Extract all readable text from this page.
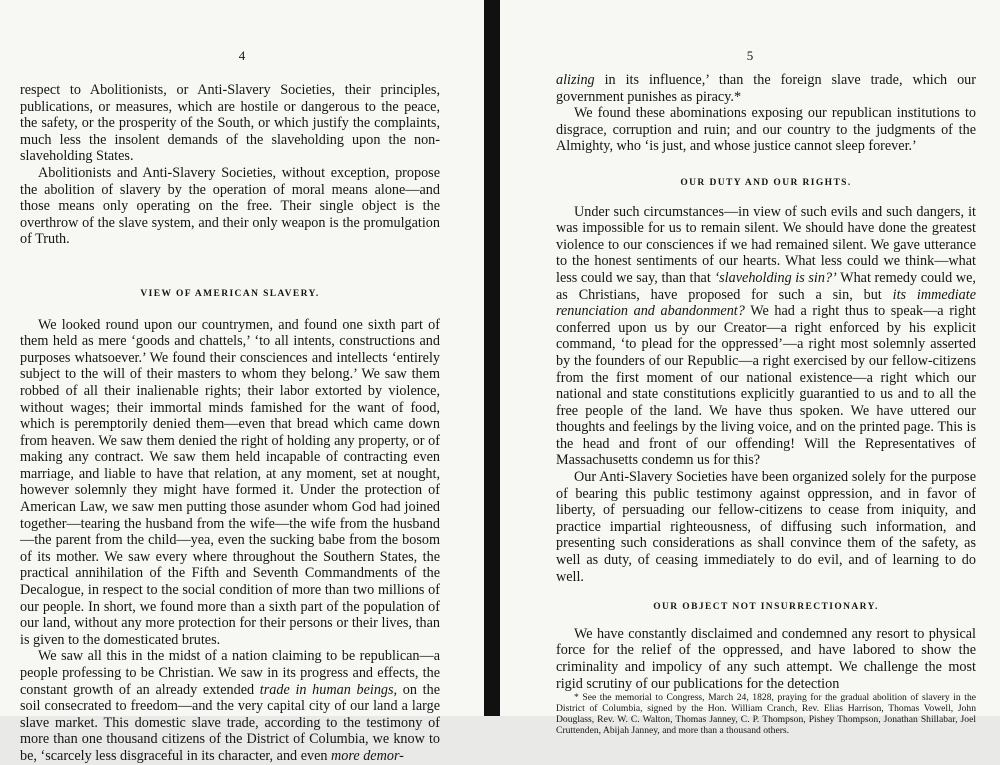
4

respect to Abolitionists, or Anti-Slavery Societies, their principles, publications, or measures, which are hostile or dangerous to the peace, the safety, or the prosperity of the South, or which justify the complaints, much less the insolent demands of the slaveholding upon the non-slaveholding States.

Abolitionists and Anti-Slavery Societies, without exception, propose the abolition of slavery by the operation of moral means alone—and those means only operating on the free. Their single object is the overthrow of the slave system, and their only weapon is the promulgation of Truth.

VIEW OF AMERICAN SLAVERY.

We looked round upon our countrymen, and found one sixth part of them held as mere ‘goods and chattels,’ ‘to all intents, constructions and purposes whatsoever.’ We found their consciences and intellects ‘entirely subject to the will of their masters to whom they belong.’ We saw them robbed of all their inalienable rights; their labor extorted by violence, without wages; their immortal minds famished for the want of food, which is peremptorily denied them—even that bread which came down from heaven. We saw them denied the right of holding any property, or of making any contract. We saw them held incapable of contracting even marriage, and liable to have that relation, at any moment, set at nought, however solemnly they might have formed it. Under the protection of American Law, we saw men putting those asunder whom God had joined together—tearing the husband from the wife—the wife from the husband—the parent from the child—yea, even the sucking babe from the bosom of its mother. We saw every where throughout the Southern States, the practical annihilation of the Fifth and Seventh Commandments of the Decalogue, in respect to the social condition of more than two millions of our people. In short, we found more than a sixth part of the population of our land, without any more protection for their persons or their lives, than is given to the domesticated brutes.

We saw all this in the midst of a nation claiming to be republican—a people professing to be Christian. We saw in its progress and effects, the constant growth of an already extended trade in human beings, on the soil consecrated to freedom—and the very capital city of our land a large slave market. This domestic slave trade, according to the testimony of more than one thousand citizens of the District of Columbia, we know to be, ‘scarcely less disgraceful in its character, and even more demor-

5

alizing in its influence,’ than the foreign slave trade, which our government punishes as piracy.*

We found these abominations exposing our republican institutions to disgrace, corruption and ruin; and our country to the judgments of the Almighty, who ‘is just, and whose justice cannot sleep forever.’

OUR DUTY AND OUR RIGHTS.

Under such circumstances—in view of such evils and such dangers, it was impossible for us to remain silent. We should have done the greatest violence to our consciences if we had remained silent. We gave utterance to the honest sentiments of our hearts. What less could we think—what less could we say, than that ‘slaveholding is sin?’ What remedy could we, as Christians, have proposed for such a sin, but its immediate renunciation and abandonment? We had a right thus to speak—a right conferred upon us by our Creator—a right enforced by his explicit command, ‘to plead for the oppressed’—a right most solemnly asserted by the founders of our Republic—a right exercised by our fellow-citizens from the first moment of our national existence—a right which our national and state constitutions explicitly guarantied to us and to all the free people of the land. We have thus spoken. We have uttered our thoughts and feelings by the living voice, and on the printed page. This is the head and front of our offending! Will the Representatives of Massachusetts condemn us for this?

Our Anti-Slavery Societies have been organized solely for the purpose of bearing this public testimony against oppression, and in favor of liberty, of persuading our fellow-citizens to cease from iniquity, and practice impartial righteousness, of diffusing such information, and presenting such considerations as shall convince them of the safety, as well as duty, of ceasing immediately to do evil, and of learning to do well.

OUR OBJECT NOT INSURRECTIONARY.

We have constantly disclaimed and condemned any resort to physical force for the relief of the oppressed, and have labored to show the criminality and impolicy of any such attempt. We challenge the most rigid scrutiny of our publications for the detection

* See the memorial to Congress, March 24, 1828, praying for the gradual abolition of slavery in the District of Columbia, signed by the Hon. William Cranch, Rev. Elias Harrison, Thomas Vowell, John Douglass, Rev. W. C. Walton, Thomas Janney, C. P. Thompson, Pishey Thompson, Jonathan Shillabar, Joel Cruttenden, Abijah Janney, and more than a thousand others.
